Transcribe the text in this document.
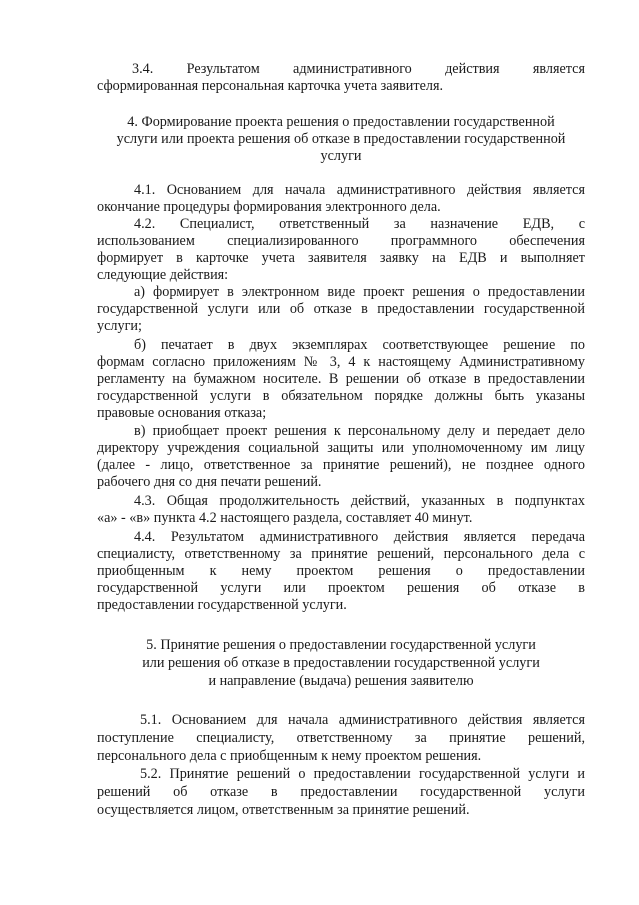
3.4. Результатом административного действия является
сформированная персональная карточка учета заявителя.
4. Формирование проекта решения о предоставлении государственной
услуги или проекта решения об отказе в предоставлении государственной
услуги
4.1. Основанием для начала административного действия является
окончание процедуры формирования электронного дела.
4.2. Специалист, ответственный за назначение ЕДВ, с
использованием специализированного программного обеспечения
формирует в карточке учета заявителя заявку на ЕДВ и выполняет
следующие действия:
а) формирует в электронном виде проект решения о предоставлении
государственной услуги или об отказе в предоставлении государственной
услуги;
б) печатает в двух экземплярах соответствующее решение по
формам согласно приложениям № 3, 4 к настоящему Административному
регламенту на бумажном носителе. В решении об отказе в предоставлении
государственной услуги в обязательном порядке должны быть указаны
правовые основания отказа;
в) приобщает проект решения к персональному делу и передает дело
директору учреждения социальной защиты или уполномоченному им лицу
(далее - лицо, ответственное за принятие решений), не позднее одного
рабочего дня со дня печати решений.
4.3. Общая продолжительность действий, указанных в подпунктах
«а» - «в» пункта 4.2 настоящего раздела, составляет 40 минут.
4.4. Результатом административного действия является передача
специалисту, ответственному за принятие решений, персонального дела с
приобщенным к нему проектом решения о предоставлении
государственной услуги или проектом решения об отказе в
предоставлении государственной услуги.
5. Принятие решения о предоставлении государственной услуги
или решения об отказе в предоставлении государственной услуги
и направление (выдача) решения заявителю
5.1. Основанием для начала административного действия является
поступление специалисту, ответственному за принятие решений,
персонального дела с приобщенным к нему проектом решения.
5.2. Принятие решений о предоставлении государственной услуги и
решений об отказе в предоставлении государственной услуги
осуществляется лицом, ответственным за принятие решений.
